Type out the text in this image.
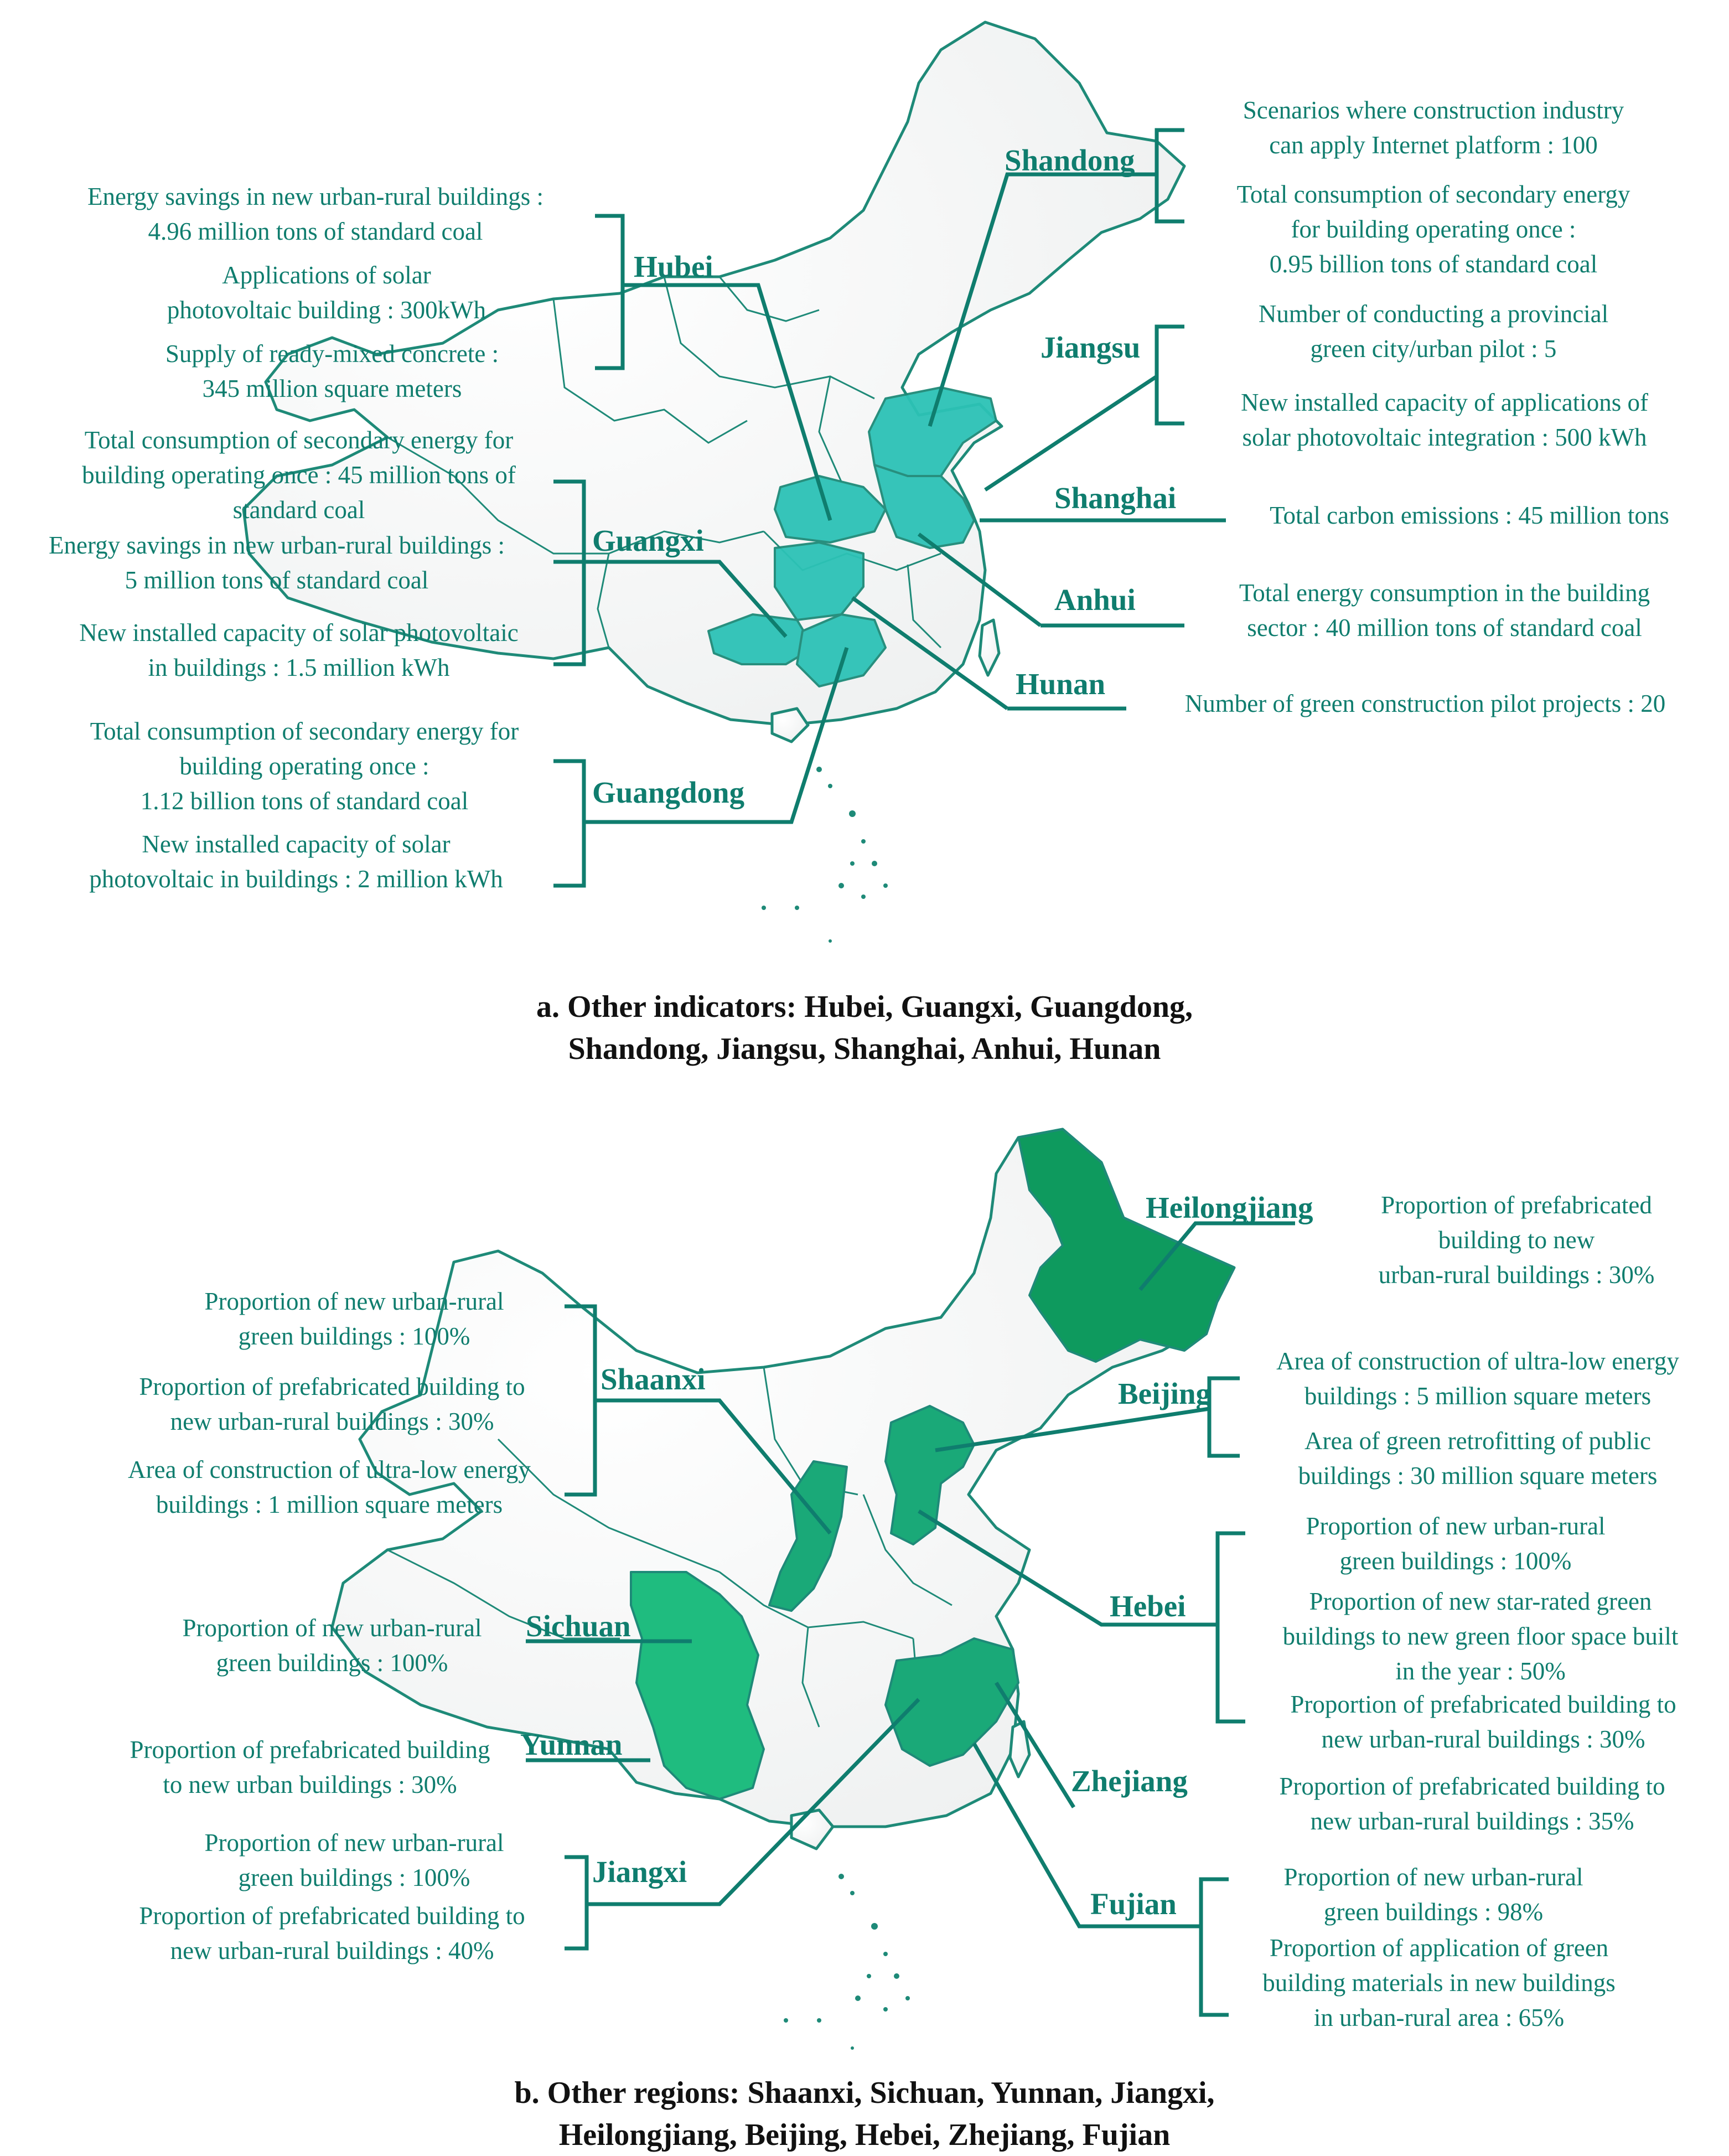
Energy savings in new urban-rural buildings :
4.96 million tons of standard coal
Applications of solar
photovoltaic building : 300kWh
Supply of ready-mixed concrete :
345 million square meters
Hubei
Total consumption of secondary energy for
building operating once : 45 million tons of
standard coal
Energy savings in new urban-rural buildings :
5 million tons of standard coal
New installed capacity of solar photovoltaic
in buildings : 1.5 million kWh
Guangxi
Total consumption of secondary energy for
building operating once :
1.12 billion tons of standard coal
New installed capacity of solar
photovoltaic in buildings : 2 million kWh
Guangdong
Shandong
Scenarios where construction industry
can apply Internet platform : 100
Total consumption of secondary energy
for building operating once :
0.95 billion tons of standard coal
Jiangsu
Number of conducting a provincial
green city/urban pilot : 5
New installed capacity of applications of
solar photovoltaic integration : 500 kWh
Shanghai
Total carbon emissions : 45 million tons
Anhui	Total energy consumption in the building
sector : 40 million tons of standard coal
Hunan
Number of green construction pilot projects : 20
a. Other indicators: Hubei, Guangxi, Guangdong,
Shandong, Jiangsu, Shanghai, Anhui, Hunan
Proportion of new urban-rural
green buildings : 100%
Proportion of prefabricated building to
new urban-rural buildings : 30%
Area of construction of ultra-low energy
buildings : 1 million square meters
Shaanxi
Proportion of new urban-rural
green buildings : 100%
Sichuan
Proportion of prefabricated building
to new urban buildings : 30%
Yunnan
Proportion of new urban-rural
green buildings : 100%
Proportion of prefabricated building to
new urban-rural buildings : 40%
Jiangxi
Heilongjiang	Proportion of prefabricated
building to new
urban-rural buildings : 30%
Beijing
Area of construction of ultra-low energy
buildings : 5 million square meters
Area of green retrofitting of public
buildings : 30 million square meters
Hebei
Proportion of new urban-rural
green buildings : 100%
Proportion of new star-rated green
buildings to new green floor space built
in the year : 50%
Proportion of prefabricated building to
new urban-rural buildings : 30%
Zhejiang	Proportion of prefabricated building to
new urban-rural buildings : 35%
Fujian
Proportion of new urban-rural
green buildings : 98%
Proportion of application of green
building materials in new buildings
in urban-rural area : 65%
b. Other regions: Shaanxi, Sichuan, Yunnan, Jiangxi,
Heilongjiang, Beijing, Hebei, Zhejiang, Fujian
